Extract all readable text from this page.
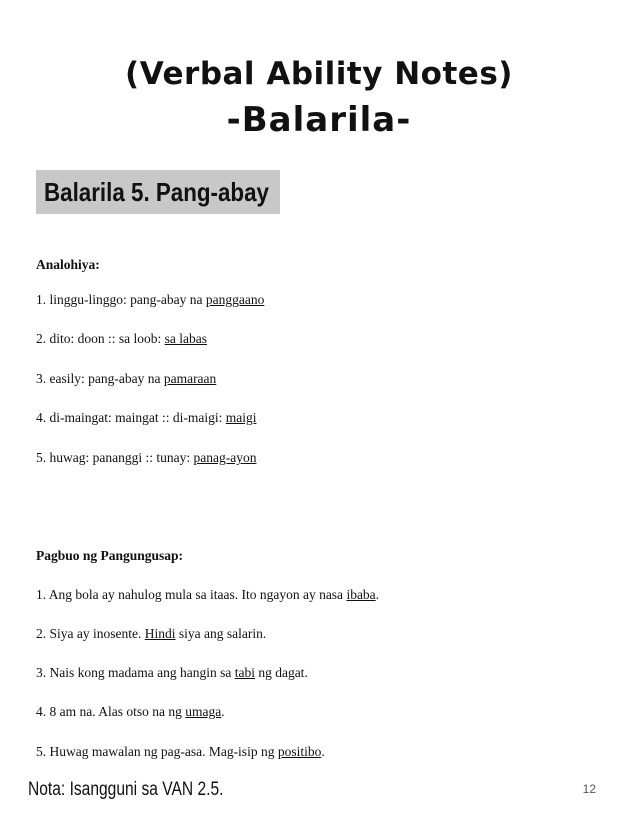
(Verbal Ability Notes)
-Balarila-
Balarila 5. Pang-abay
Analohiya:
1. linggu-linggo: pang-abay na panggaano
2. dito: doon :: sa loob: sa labas
3. easily: pang-abay na pamaraan
4. di-maingat: maingat :: di-maigi: maigi
5. huwag: pananggi :: tunay: panag-ayon
Pagbuo ng Pangungusap:
1. Ang bola ay nahulog mula sa itaas. Ito ngayon ay nasa ibaba.
2. Siya ay inosente. Hindi siya ang salarin.
3. Nais kong madama ang hangin sa tabi ng dagat.
4. 8 am na. Alas otso na ng umaga.
5. Huwag mawalan ng pag-asa. Mag-isip ng positibo.
Nota: Isangguni sa VAN 2.5.	12
